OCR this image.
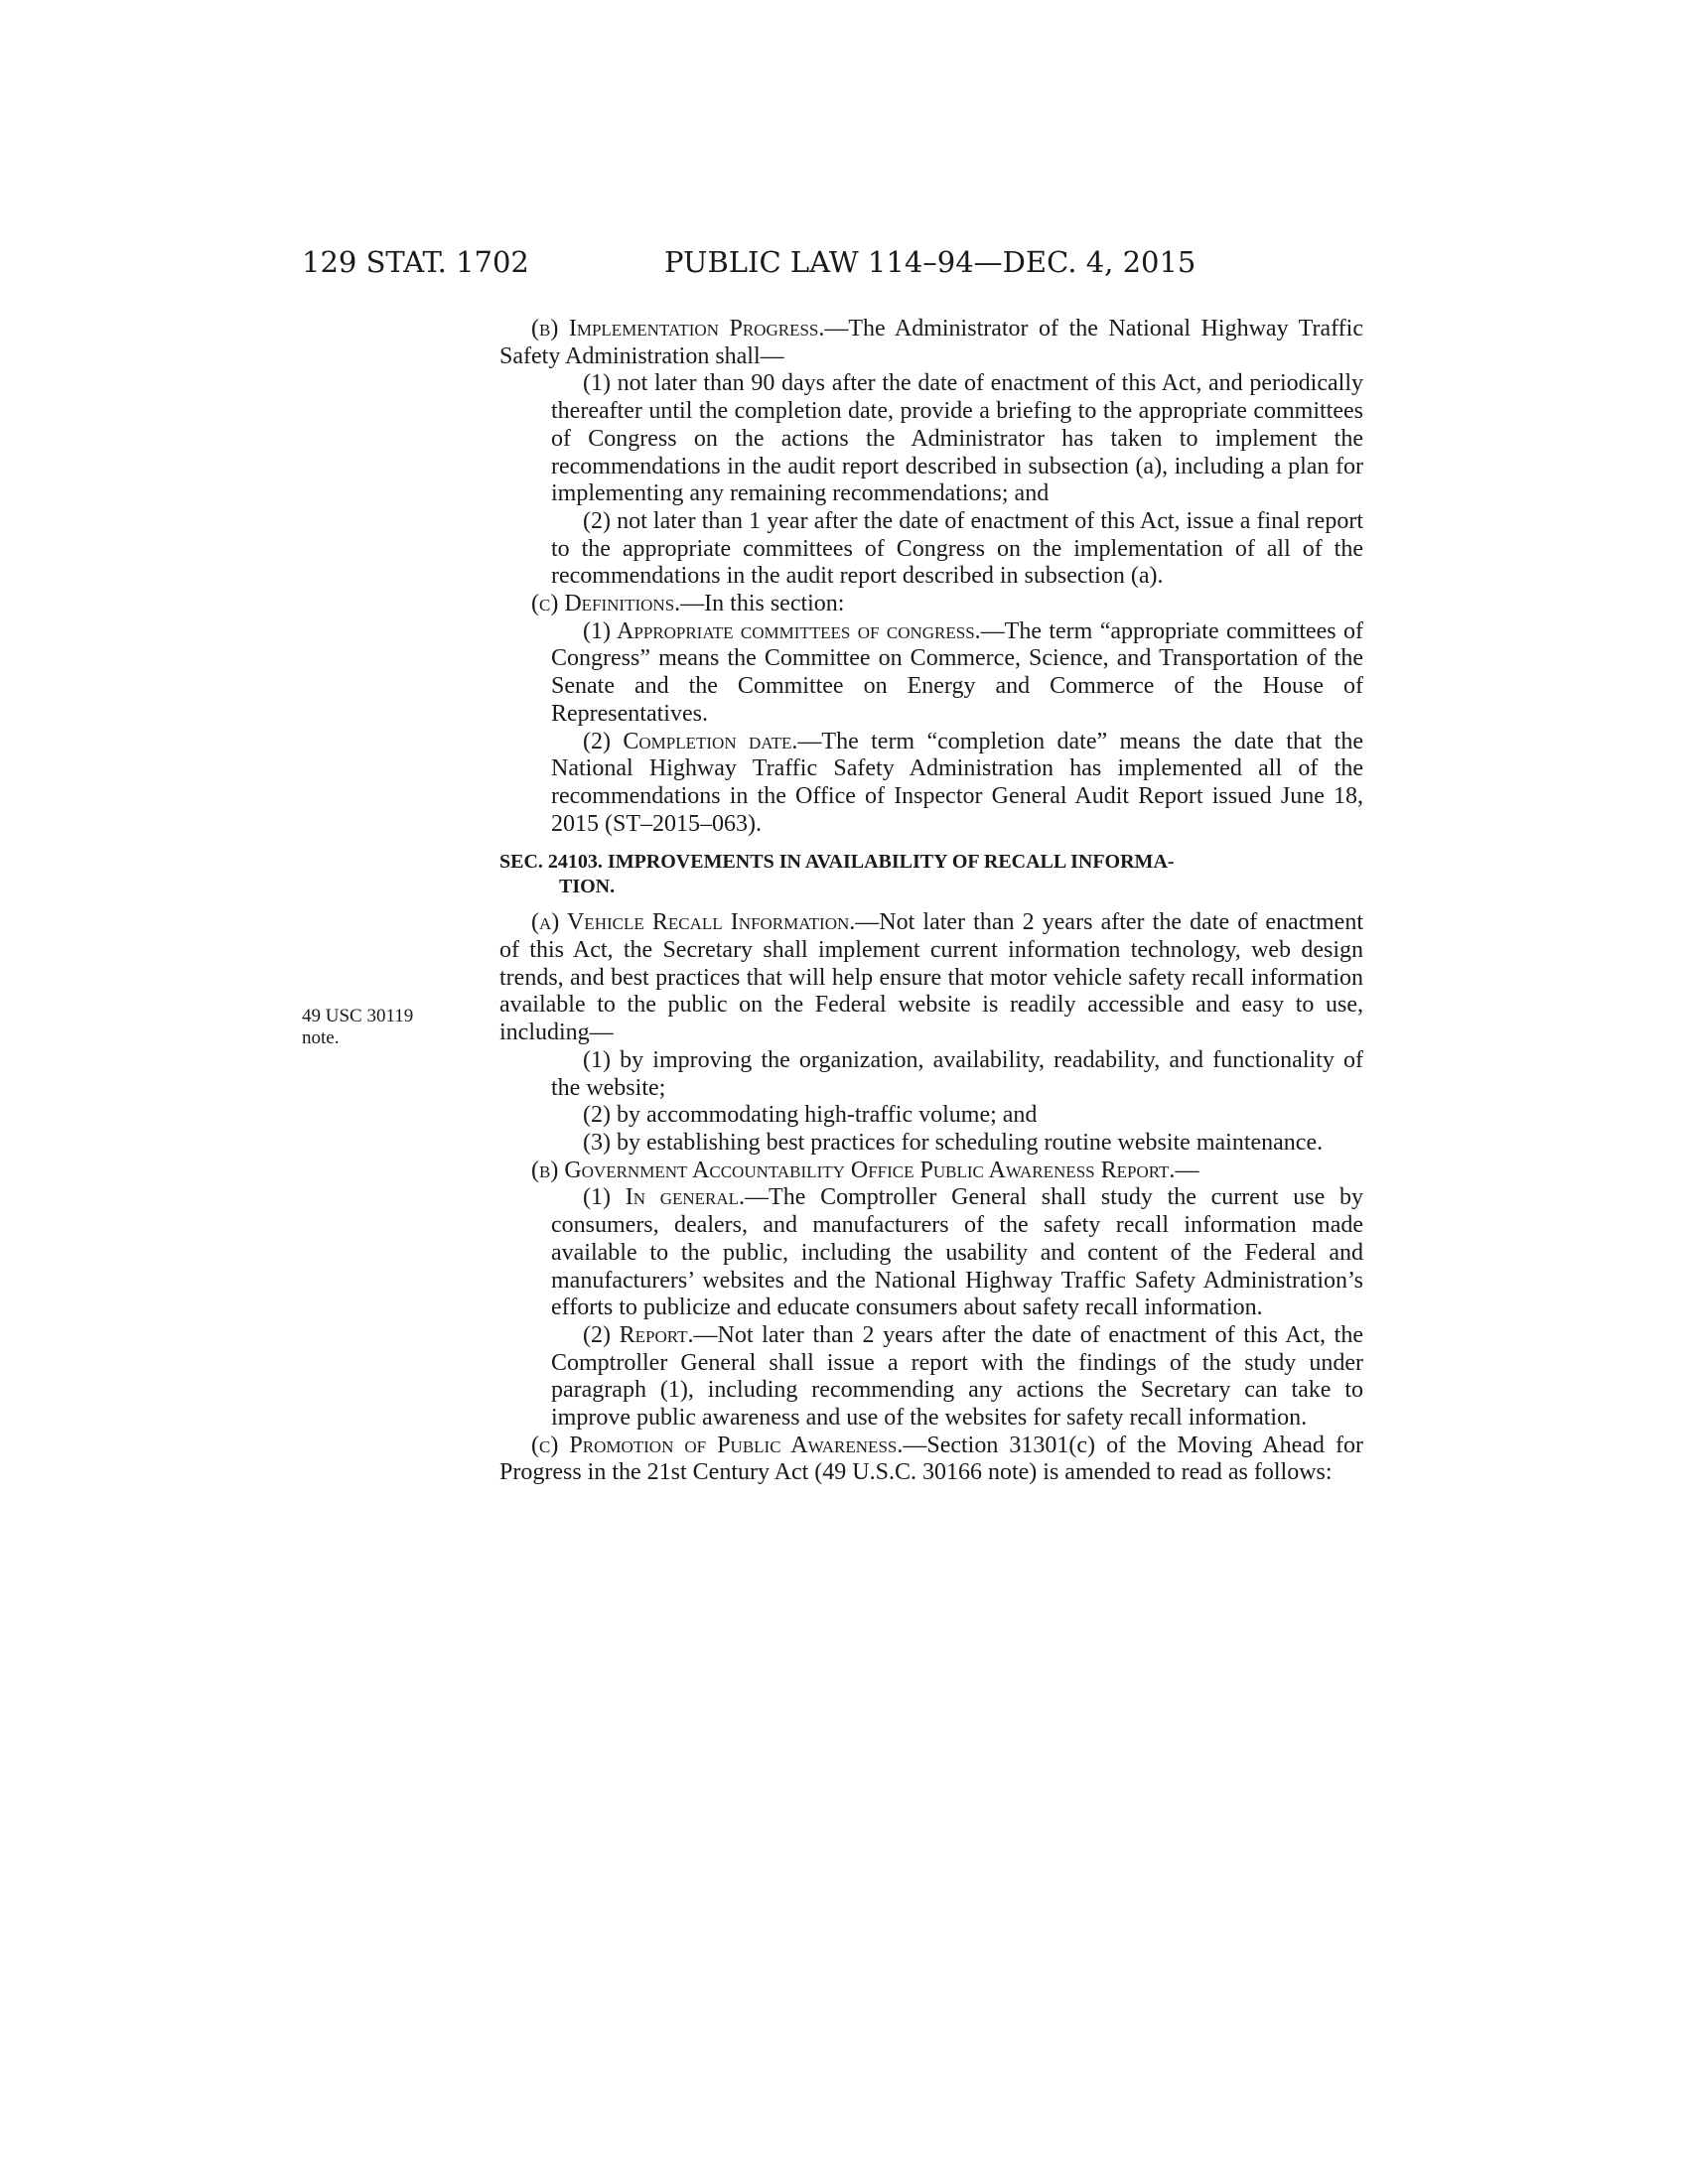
129 STAT. 1702	PUBLIC LAW 114–94—DEC. 4, 2015
49 USC 30119
note.

(b) Implementation Progress.—The Administrator of the National Highway Traffic Safety Administration shall—

(1) not later than 90 days after the date of enactment of this Act, and periodically thereafter until the completion date, provide a briefing to the appropriate committees of Congress on the actions the Administrator has taken to implement the recommendations in the audit report described in subsection (a), including a plan for implementing any remaining recommendations; and

(2) not later than 1 year after the date of enactment of this Act, issue a final report to the appropriate committees of Congress on the implementation of all of the recommendations in the audit report described in subsection (a).

(c) Definitions.—In this section:

(1) Appropriate committees of congress.—The term “appropriate committees of Congress” means the Committee on Commerce, Science, and Transportation of the Senate and the Committee on Energy and Commerce of the House of Representatives.

(2) Completion date.—The term “completion date” means the date that the National Highway Traffic Safety Administration has implemented all of the recommendations in the Office of Inspector General Audit Report issued June 18, 2015 (ST–2015–063).

SEC. 24103. IMPROVEMENTS IN AVAILABILITY OF RECALL INFORMA-
TION.

(a) Vehicle Recall Information.—Not later than 2 years after the date of enactment of this Act, the Secretary shall implement current information technology, web design trends, and best practices that will help ensure that motor vehicle safety recall information available to the public on the Federal website is readily accessible and easy to use, including—

(1) by improving the organization, availability, readability, and functionality of the website;

(2) by accommodating high-traffic volume; and

(3) by establishing best practices for scheduling routine website maintenance.

(b) Government Accountability Office Public Awareness Report.—

(1) In general.—The Comptroller General shall study the current use by consumers, dealers, and manufacturers of the safety recall information made available to the public, including the usability and content of the Federal and manufacturers’ websites and the National Highway Traffic Safety Administration’s efforts to publicize and educate consumers about safety recall information.

(2) Report.—Not later than 2 years after the date of enactment of this Act, the Comptroller General shall issue a report with the findings of the study under paragraph (1), including recommending any actions the Secretary can take to improve public awareness and use of the websites for safety recall information.

(c) Promotion of Public Awareness.—Section 31301(c) of the Moving Ahead for Progress in the 21st Century Act (49 U.S.C. 30166 note) is amended to read as follows:
